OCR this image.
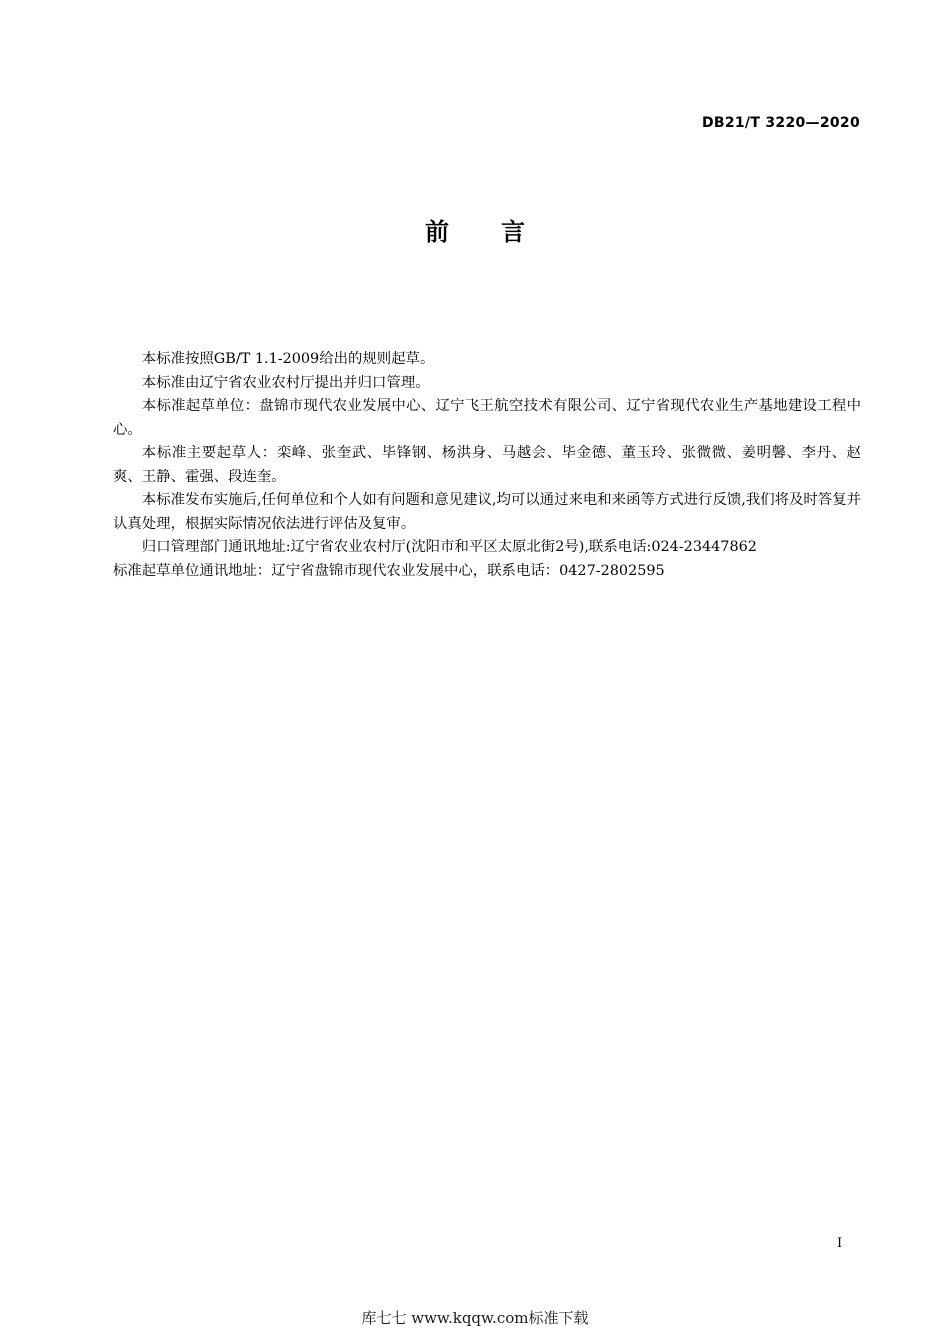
DB21/T 3220—2020
前 言

本标准按照GB/T 1.1-2009给出的规则起草。

本标准由辽宁省农业农村厅提出并归口管理。

本标准起草单位：盘锦市现代农业发展中心、辽宁飞王航空技术有限公司、辽宁省现代农业生产基地建设工程中心。

本标准主要起草人：栾峰、张奎武、毕锋钢、杨洪身、马越会、毕金德、董玉玲、张微微、姜明馨、李丹、赵爽、王静、霍强、段连奎。

本标准发布实施后,任何单位和个人如有问题和意见建议,均可以通过来电和来函等方式进行反馈,我们将及时答复并认真处理，根据实际情况依法进行评估及复审。

归口管理部门通讯地址:辽宁省农业农村厅(沈阳市和平区太原北街2号),联系电话:024-23447862

标准起草单位通讯地址：辽宁省盘锦市现代农业发展中心，联系电话：0427-2802595

I
库七七 www.kqqw.com标准下载
